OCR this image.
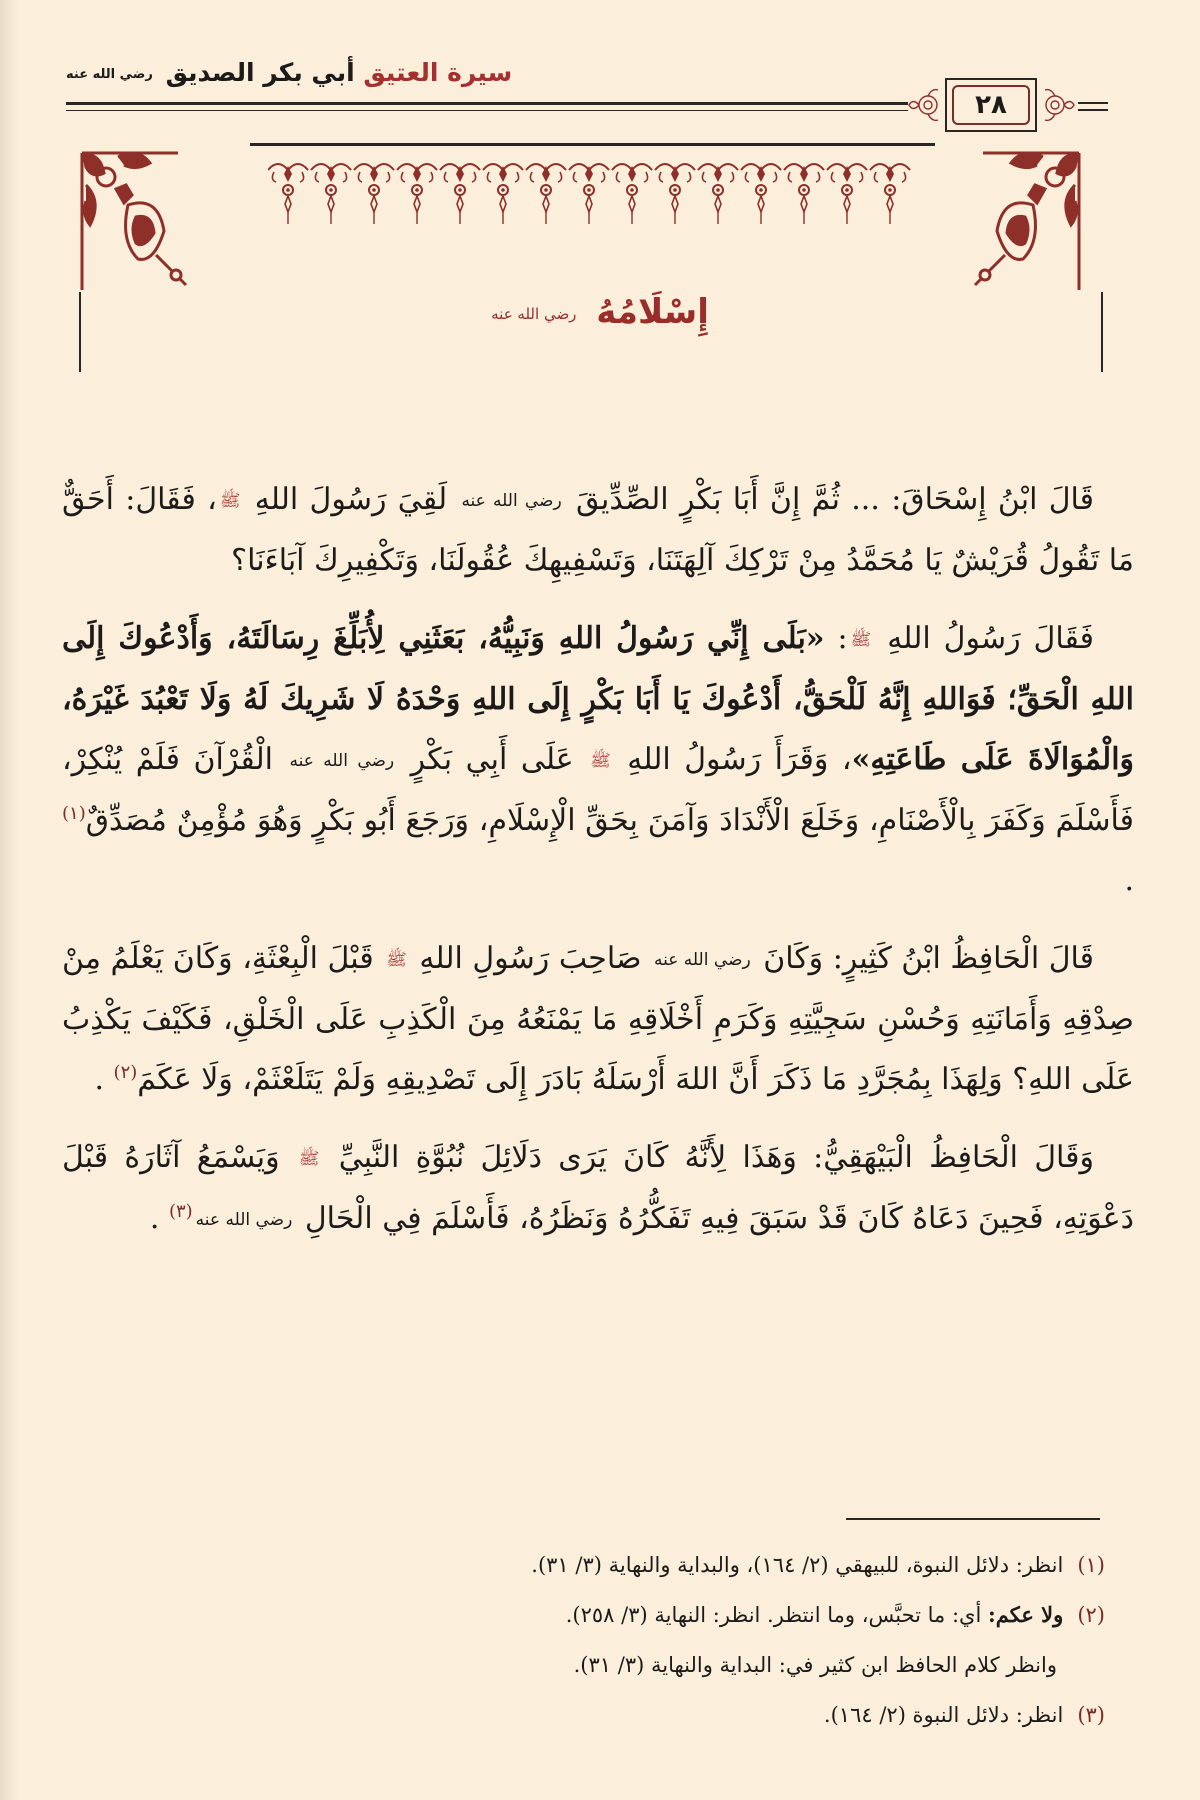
سيرة العتيق أبي بكر الصديق رضي الله عنه
٢٨
إِسْلَامُهُ رضي الله عنه

قَالَ ابْنُ إِسْحَاقَ: ... ثُمَّ إِنَّ أَبَا بَكْرٍ الصِّدِّيقَ رضي الله عنه لَقِيَ رَسُولَ اللهِ ﷺ، فَقَالَ: أَحَقٌّ مَا تَقُولُ قُرَيْشٌ يَا مُحَمَّدُ مِنْ تَرْكِكَ آلِهَتَنَا، وَتَسْفِيهِكَ عُقُولَنَا، وَتَكْفِيرِكَ آبَاءَنَا؟

فَقَالَ رَسُولُ اللهِ ﷺ: «بَلَى إِنِّي رَسُولُ اللهِ وَنَبِيُّهُ، بَعَثَنِي لِأُبَلِّغَ رِسَالَتَهُ، وَأَدْعُوكَ إِلَى اللهِ الْحَقِّ؛ فَوَاللهِ إِنَّهُ لَلْحَقُّ، أَدْعُوكَ يَا أَبَا بَكْرٍ إِلَى اللهِ وَحْدَهُ لَا شَرِيكَ لَهُ وَلَا تَعْبُدَ غَيْرَهُ، وَالْمُوَالَاةَ عَلَى طَاعَتِهِ»، وَقَرَأَ رَسُولُ اللهِ ﷺ عَلَى أَبِي بَكْرٍ رضي الله عنه الْقُرْآنَ فَلَمْ يُنْكِرْ، فَأَسْلَمَ وَكَفَرَ بِالْأَصْنَامِ، وَخَلَعَ الْأَنْدَادَ وَآمَنَ بِحَقِّ الْإِسْلَامِ، وَرَجَعَ أَبُو بَكْرٍ وَهُوَ مُؤْمِنٌ مُصَدِّقٌ$^{(١)}$ .

قَالَ الْحَافِظُ ابْنُ كَثِيرٍ: وَكَانَ رضي الله عنه صَاحِبَ رَسُولِ اللهِ ﷺ قَبْلَ الْبِعْثَةِ، وَكَانَ يَعْلَمُ مِنْ صِدْقِهِ وَأَمَانَتِهِ وَحُسْنِ سَجِيَّتِهِ وَكَرَمِ أَخْلَاقِهِ مَا يَمْنَعُهُ مِنَ الْكَذِبِ عَلَى الْخَلْقِ، فَكَيْفَ يَكْذِبُ عَلَى اللهِ؟ وَلِهَذَا بِمُجَرَّدِ مَا ذَكَرَ أَنَّ اللهَ أَرْسَلَهُ بَادَرَ إِلَى تَصْدِيقِهِ وَلَمْ يَتَلَعْثَمْ، وَلَا عَكَمَ$^{(٢)}$ .

وَقَالَ الْحَافِظُ الْبَيْهَقِيُّ: وَهَذَا لِأَنَّهُ كَانَ يَرَى دَلَائِلَ نُبُوَّةِ النَّبِيِّ ﷺ وَيَسْمَعُ آثَارَهُ قَبْلَ دَعْوَتِهِ، فَحِينَ دَعَاهُ كَانَ قَدْ سَبَقَ فِيهِ تَفَكُّرُهُ وَنَظَرُهُ، فَأَسْلَمَ فِي الْحَالِ رضي الله عنه$^{(٣)}$ .

(١)انظر: دلائل النبوة، للبيهقي (٢/ ١٦٤)، والبداية والنهاية (٣/ ٣١).
(٢)ولا عكم: أي: ما تحبَّس، وما انتظر. انظر: النهاية (٣/ ٢٥٨).
وانظر كلام الحافظ ابن كثير في: البداية والنهاية (٣/ ٣١).
(٣)انظر: دلائل النبوة (٢/ ١٦٤).
